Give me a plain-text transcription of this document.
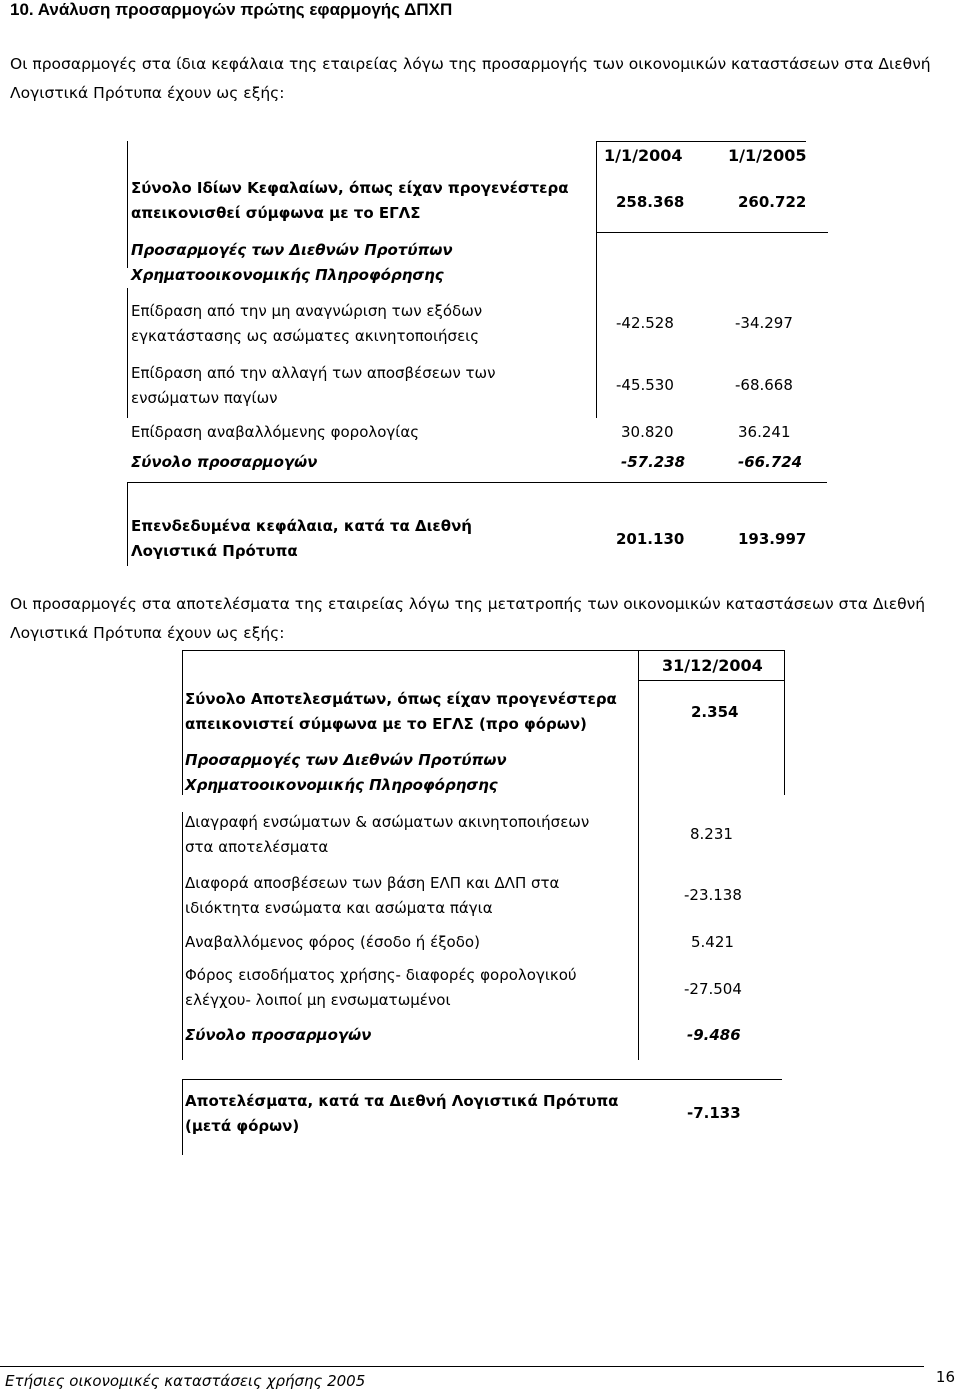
10. Ανάλυση προσαρμογών πρώτης εφαρμογής ΔΠΧΠ
Οι προσαρμογές στα ίδια κεφάλαια της εταιρείας λόγω της προσαρμογής των οικονομικών καταστάσεων στα Διεθνή Λογιστικά Πρότυπα έχουν ως εξής:
1/1/2004	1/1/2005
Σύνολο Ιδίων Κεφαλαίων, όπως είχαν προγενέστερα απεικονισθεί σύμφωνα με το ΕΓΛΣ
258.368	260.722
Προσαρμογές των Διεθνών Προτύπων Χρηματοοικονομικής Πληροφόρησης
Επίδραση από την μη αναγνώριση των εξόδων εγκατάστασης ως ασώματες ακινητοποιήσεις
-42.528	-34.297
Επίδραση από την αλλαγή των αποσβέσεων των ενσώματων παγίων
-45.530	-68.668
Επίδραση αναβαλλόμενης φορολογίας	30.820	36.241
Σύνολο προσαρμογών	-57.238	-66.724
Επενδεδυμένα κεφάλαια, κατά τα Διεθνή Λογιστικά Πρότυπα
201.130	193.997
Οι προσαρμογές στα αποτελέσματα της εταιρείας λόγω της μετατροπής των οικονομικών καταστάσεων στα Διεθνή Λογιστικά Πρότυπα έχουν ως εξής:
31/12/2004
Σύνολο Αποτελεσμάτων, όπως είχαν προγενέστερα απεικονιστεί σύμφωνα με το ΕΓΛΣ (προ φόρων)
2.354
Προσαρμογές των Διεθνών Προτύπων Χρηματοοικονομικής Πληροφόρησης
Διαγραφή ενσώματων & ασώματων ακινητοποιήσεων στα αποτελέσματα
8.231
Διαφορά αποσβέσεων των βάση ΕΛΠ και ΔΛΠ στα ιδιόκτητα ενσώματα και ασώματα πάγια
-23.138
Αναβαλλόμενος φόρος (έσοδο ή έξοδο)	5.421
Φόρος εισοδήματος χρήσης- διαφορές φορολογικού ελέγχου- λοιποί μη ενσωματωμένοι
-27.504
Σύνολο προσαρμογών	-9.486
Αποτελέσματα, κατά τα Διεθνή Λογιστικά Πρότυπα (μετά φόρων)
-7.133
Ετήσιες οικονομικές καταστάσεις χρήσης 2005	16
